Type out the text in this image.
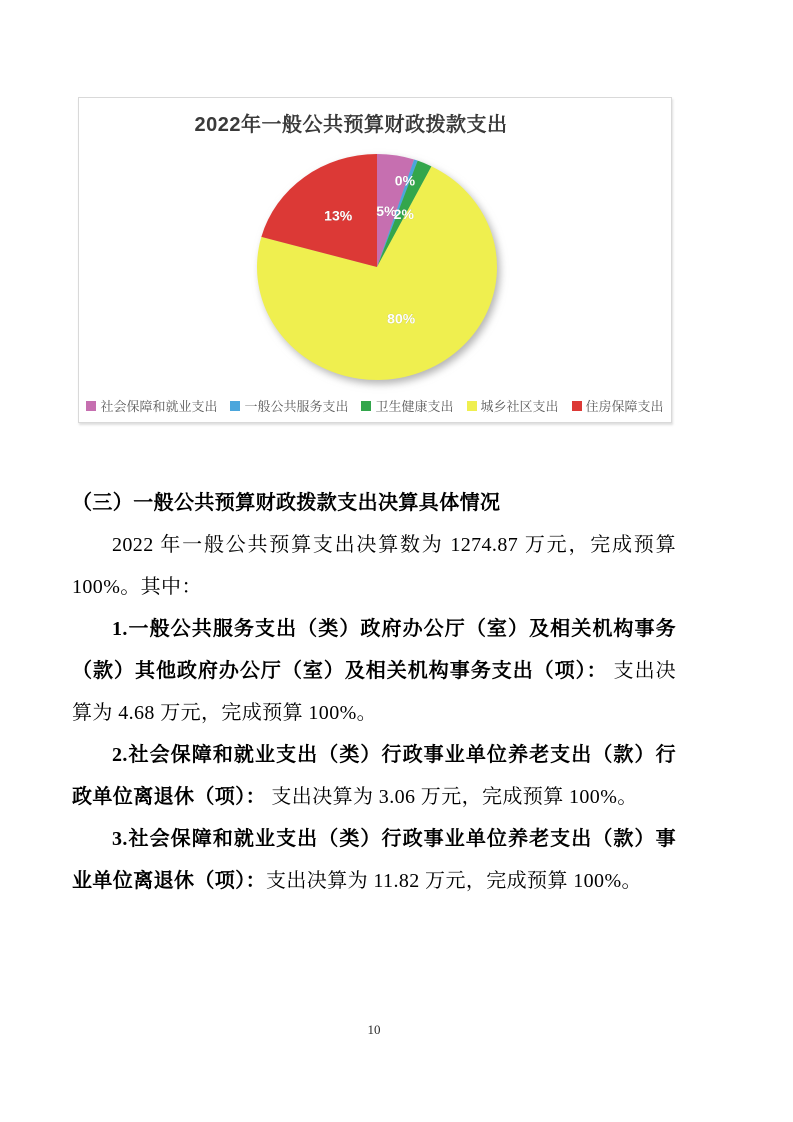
2022年一般公共预算财政拨款支出
5%
0%
2%
80%
13%
社会保障和就业支出 一般公共服务支出 卫生健康支出 城乡社区支出 住房保障支出
（三）一般公共预算财政拨款支出决算具体情况

2022 年一般公共预算支出决算数为 1274.87 万元，完成预算 100%。其中：

1.一般公共服务支出（类）政府办公厅（室）及相关机构事务（款）其他政府办公厅（室）及相关机构事务支出（项）： 支出决算为 4.68 万元，完成预算 100%。

2.社会保障和就业支出（类）行政事业单位养老支出（款）行政单位离退休（项）： 支出决算为 3.06 万元，完成预算 100%。

3.社会保障和就业支出（类）行政事业单位养老支出（款）事业单位离退休（项）：支出决算为 11.82 万元，完成预算 100%。

10
